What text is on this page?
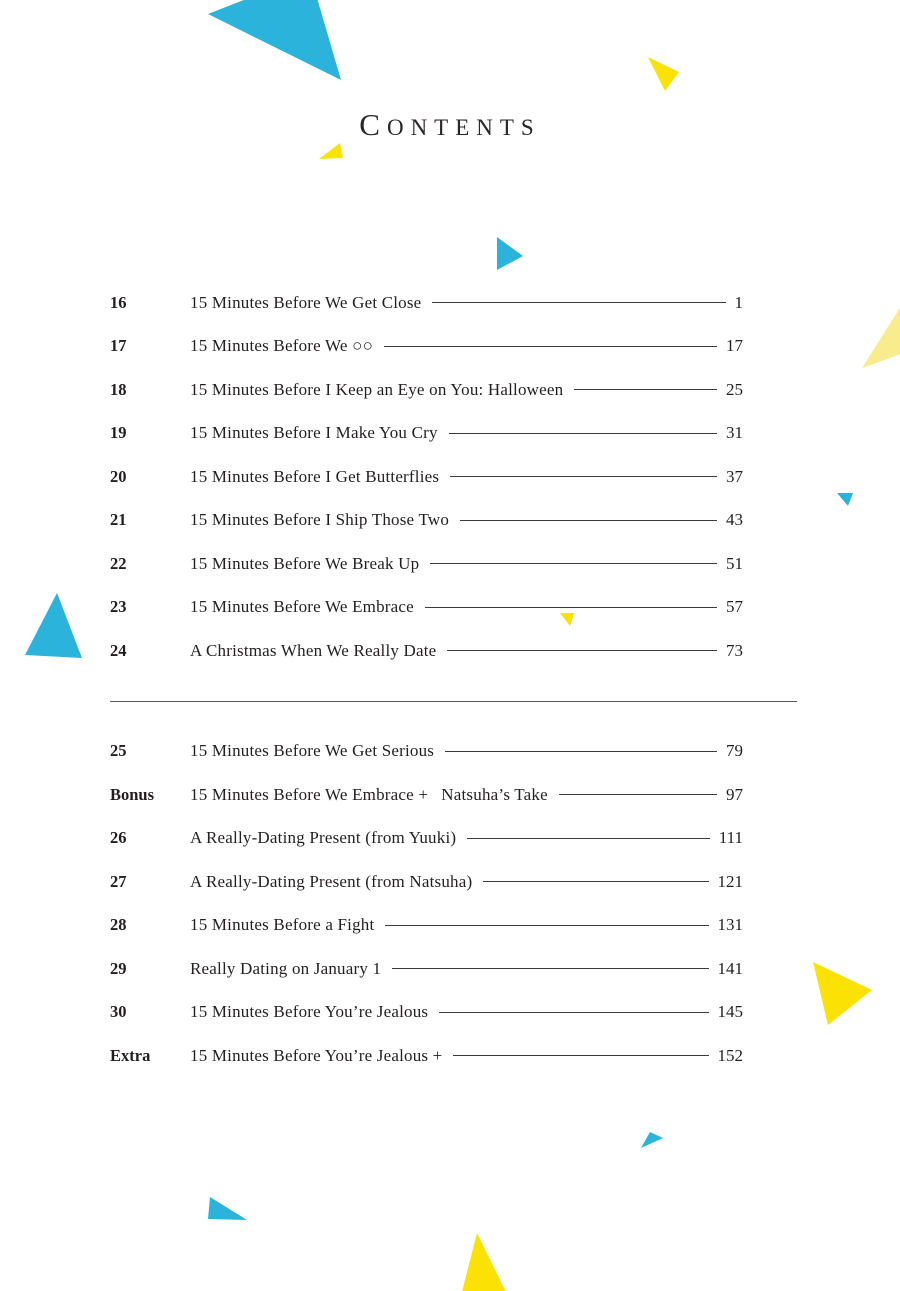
CONTENTS
16	15 Minutes Before We Get Close	1
17	15 Minutes Before We ○○	17
18	15 Minutes Before I Keep an Eye on You: Halloween	25
19	15 Minutes Before I Make You Cry	31
20	15 Minutes Before I Get Butterflies	37
21	15 Minutes Before I Ship Those Two	43
22	15 Minutes Before We Break Up	51
23	15 Minutes Before We Embrace	57
24	A Christmas When We Really Date	73
25	15 Minutes Before We Get Serious	79
Bonus	15 Minutes Before We Embrace +  Natsuha’s Take	97
26	A Really-Dating Present (from Yuuki)	111
27	A Really-Dating Present (from Natsuha)	121
28	15 Minutes Before a Fight	131
29	Really Dating on January 1	141
30	15 Minutes Before You’re Jealous	145
Extra	15 Minutes Before You’re Jealous +	152
